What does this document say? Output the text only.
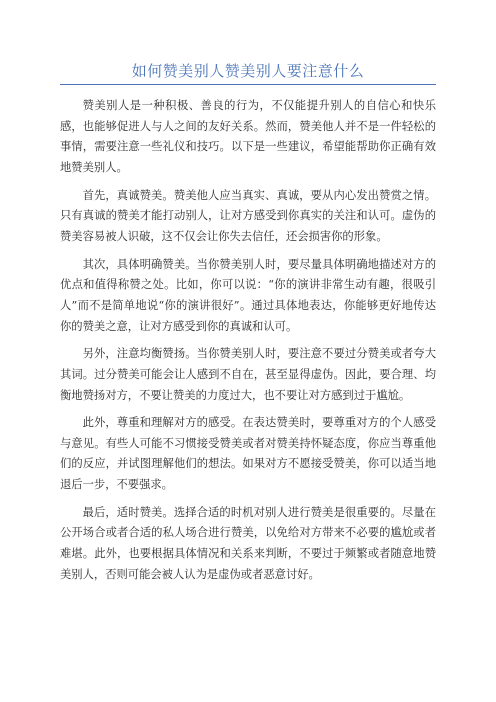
如何赞美别人赞美别人要注意什么

赞美别人是一种积极、善良的行为，不仅能提升别人的自信心和快乐感，也能够促进人与人之间的友好关系。然而，赞美他人并不是一件轻松的事情，需要注意一些礼仪和技巧。以下是一些建议，希望能帮助你正确有效地赞美别人。

首先，真诚赞美。赞美他人应当真实、真诚，要从内心发出赞赏之情。只有真诚的赞美才能打动别人，让对方感受到你真实的关注和认可。虚伪的赞美容易被人识破，这不仅会让你失去信任，还会损害你的形象。

其次，具体明确赞美。当你赞美别人时，要尽量具体明确地描述对方的优点和值得称赞之处。比如，你可以说：“你的演讲非常生动有趣，很吸引人”而不是简单地说“你的演讲很好”。通过具体地表达，你能够更好地传达你的赞美之意，让对方感受到你的真诚和认可。

另外，注意均衡赞扬。当你赞美别人时，要注意不要过分赞美或者夸大其词。过分赞美可能会让人感到不自在，甚至显得虚伪。因此，要合理、均衡地赞扬对方，不要让赞美的力度过大，也不要让对方感到过于尴尬。

此外，尊重和理解对方的感受。在表达赞美时，要尊重对方的个人感受与意见。有些人可能不习惯接受赞美或者对赞美持怀疑态度，你应当尊重他们的反应，并试图理解他们的想法。如果对方不愿接受赞美，你可以适当地退后一步，不要强求。

最后，适时赞美。选择合适的时机对别人进行赞美是很重要的。尽量在公开场合或者合适的私人场合进行赞美，以免给对方带来不必要的尴尬或者难堪。此外，也要根据具体情况和关系来判断，不要过于频繁或者随意地赞美别人，否则可能会被人认为是虚伪或者恶意讨好。
